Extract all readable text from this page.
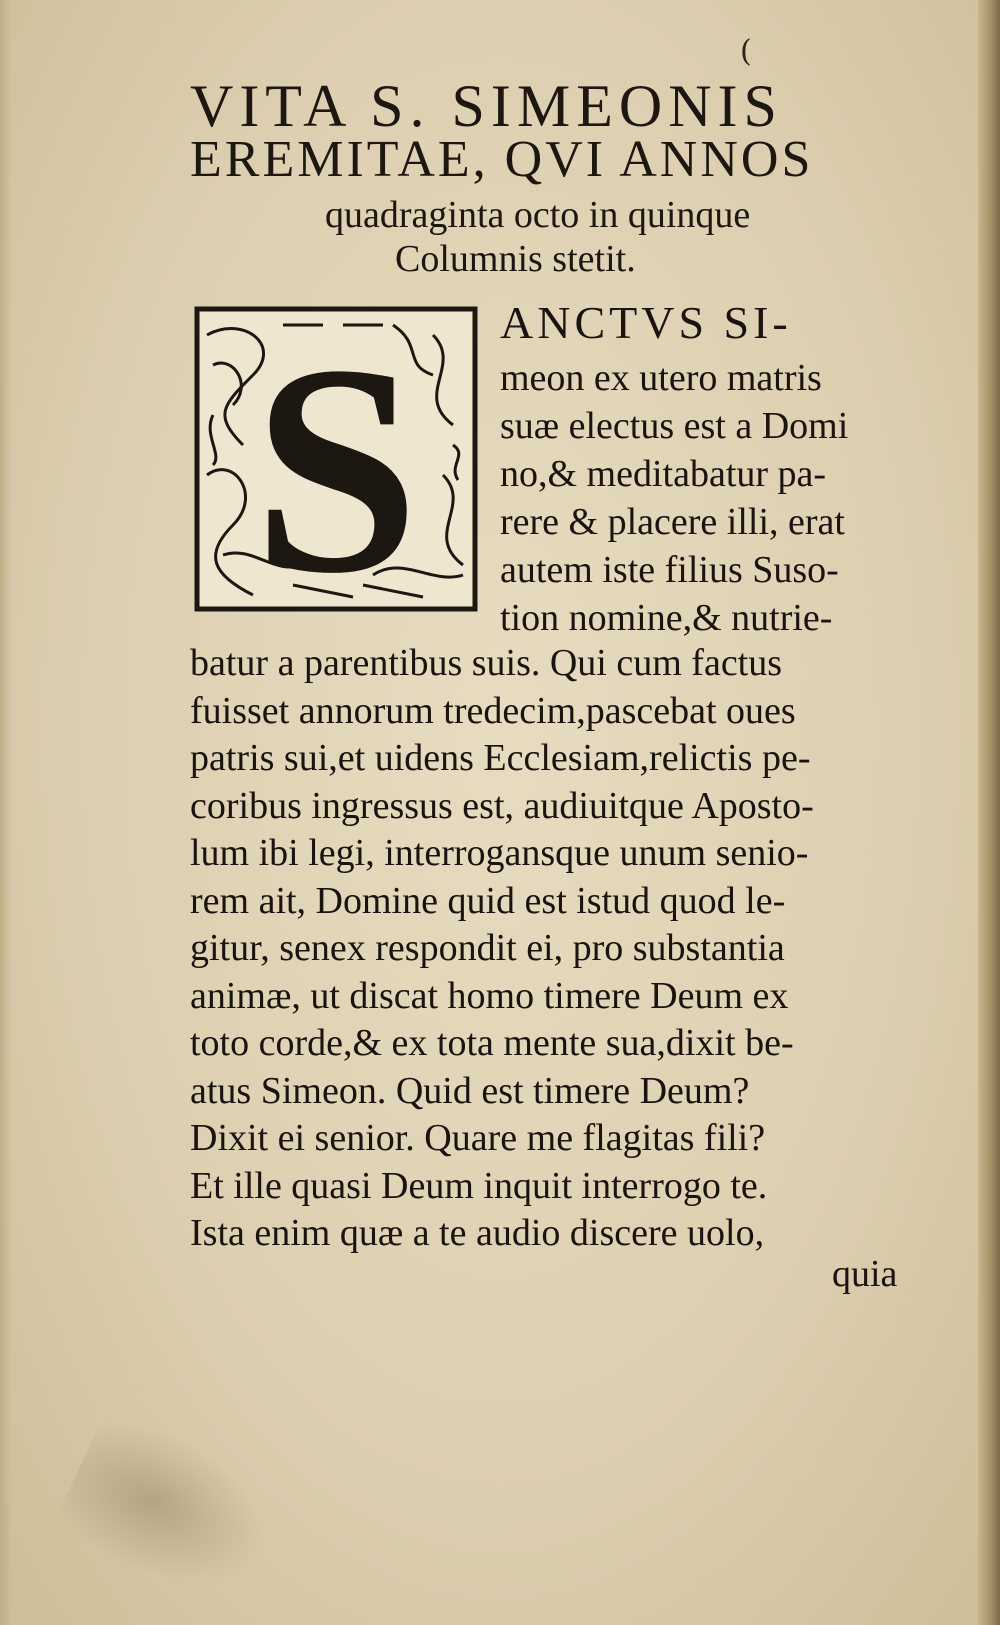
(
VITA S. SIMEONIS
EREMITAE, QVI ANNOS
quadraginta octo in quinque
Columnis stetit.
S
quia
ANCTVS SI-
meon ex utero matris
suæ electus est a Domi
no,& meditabatur pa-
rere & placere illi, erat
autem iste filius Suso-
tion nomine,& nutrie-
batur a parentibus suis. Qui cum factus
fuisset annorum tredecim,pascebat oues
patris sui,et uidens Ecclesiam,relictis pe-
coribus ingressus est, audiuitque Aposto-
lum ibi legi, interrogansque unum senio-
rem ait, Domine quid est istud quod le-
gitur, senex respondit ei, pro substantia
animæ, ut discat homo timere Deum ex
toto corde,& ex tota mente sua,dixit be-
atus Simeon. Quid est timere Deum?
Dixit ei senior. Quare me flagitas fili?
Et ille quasi Deum inquit interrogo te.
Ista enim quæ a te audio discere uolo,
